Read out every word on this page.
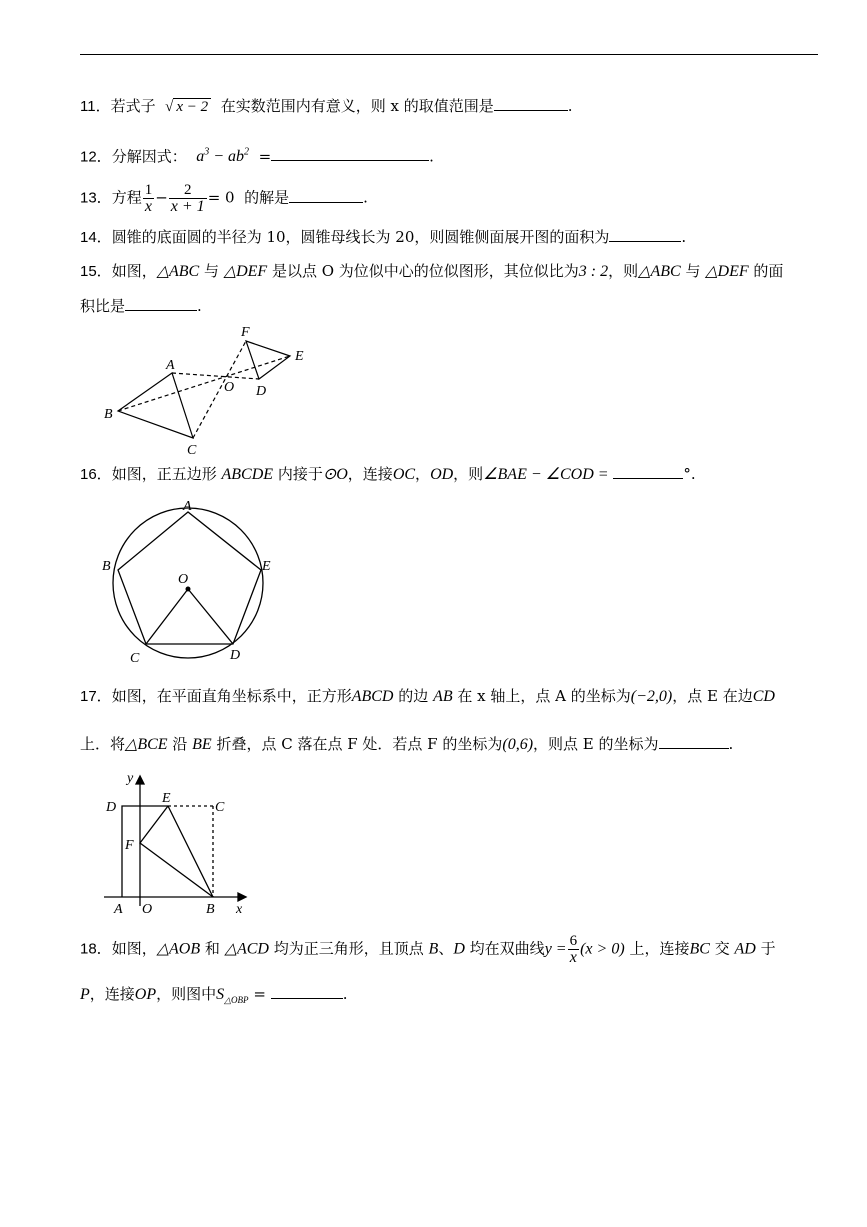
11．若式子 √ x − 2 在实数范围内有意义，则 x 的取值范围是	.
12．分解因式： $a^3 - ab^2$ =	.
13．方程 $\frac{1}{x} - \frac{2}{x + 1} = 0$ 的解是	.
14．圆锥的底面圆的半径为 10，圆锥母线长为 20，则圆锥侧面展开图的面积为	.
15．如图，△ABC 与 △DEF 是以点 O 为位似中心的位似图形，其位似比为3 : 2，则△ABC 与 △DEF 的面
积比是	.
A
B
C
D
E
F
O
16．如图，正五边形 ABCDE 内接于⊙O，连接OC，OD，则∠BAE − ∠COD =	°.
A
B
C	D
E
O
17．如图，在平面直角坐标系中，正方形ABCD 的边 AB 在 x 轴上，点 A 的坐标为(−2,0)，点 E 在边CD
上．将△BCE 沿 BE 折叠，点 C 落在点 F 处．若点 F 的坐标为(0,6)，则点 E 的坐标为	.
D
E
C
F
A O	B x
y
18．如图，△AOB 和 △ACD 均为正三角形，且顶点 B、D 均在双曲线$y = \frac{6}{x} (x > 0)$ 上，连接BC 交 AD 于
P，连接OP，则图中$S_{\triangle OBP}$ =	.
